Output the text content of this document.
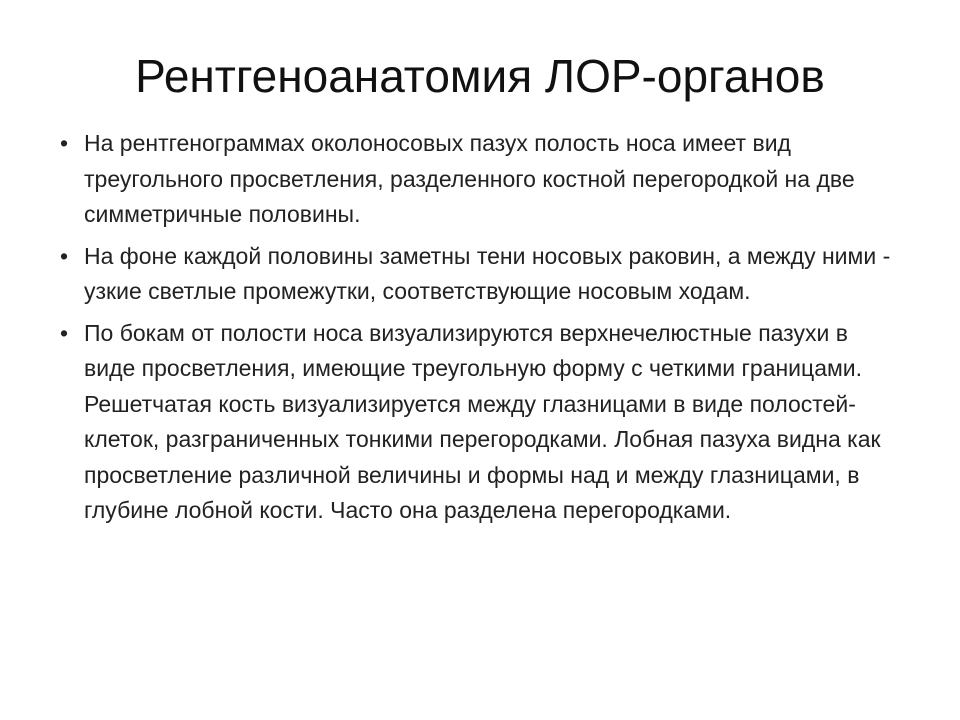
Рентгеноанатомия ЛОР-органов
• На рентгенограммах околоносовых пазух полость носа имеет вид треугольного просветления, разделенного костной перегородкой на две симметричные половины.
• На фоне каждой половины заметны тени носовых раковин, а между ними - узкие светлые промежутки, соответствующие носовым ходам.
• По бокам от полости носа визуализируются верхнечелюстные пазухи в виде просветления, имеющие треугольную форму с четкими границами. Решетчатая кость визуализируется между глазницами в виде полостей-клеток, разграниченных тонкими перегородками. Лобная пазуха видна как просветление различной величины и формы над и между глазницами, в глубине лобной кости. Часто она разделена перегородками.
